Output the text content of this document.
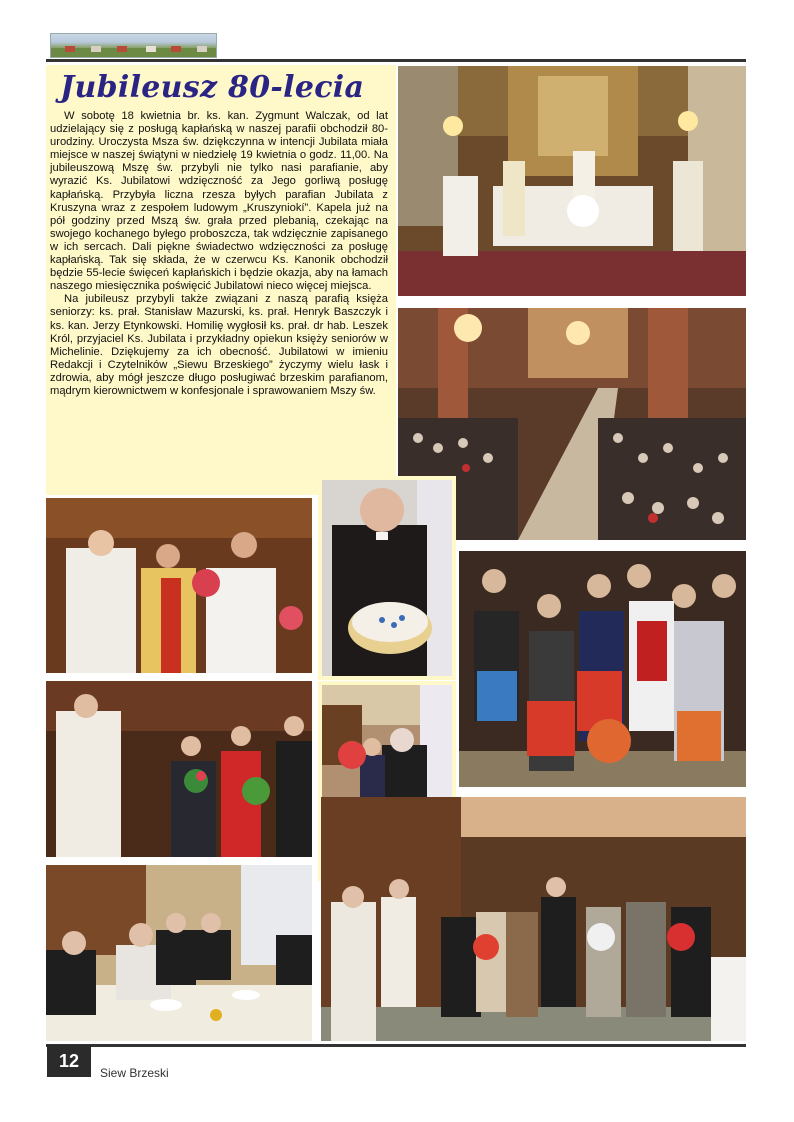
Jubileusz 80-lecia

W sobotę 18 kwietnia br. ks. kan. Zygmunt Walczak, od lat udzielający się z posługą kapłańską w naszej parafii obchodził 80-urodziny. Uroczysta Msza św. dziękczynna w intencji Jubilata miała miejsce w naszej świątyni w niedzielę 19 kwietnia o godz. 11,00. Na jubileuszową Mszę św. przybyli nie tylko nasi parafianie, aby wyrazić Ks. Jubilatowi wdzięczność za Jego gorliwą posługę kapłańską. Przybyła liczna rzesza byłych parafian Jubilata z Kruszyna wraz z zespołem ludowym „Kruszyniokí”. Kapela już na pół godziny przed Mszą św. grała przed plebanią, czekając na swojego kochanego byłego proboszcza, tak wdzięcznie zapisanego w ich sercach. Dali piękne świadectwo wdzięczności za posługę kapłańską. Tak się składa, że w czerwcu Ks. Kanonik obchodził będzie 55-lecie święceń kapłańskich i będzie okazja, aby na łamach naszego miesięcznika poświęcić Jubilatowi nieco więcej miejsca.

Na jubileusz przybyli także związani z naszą parafią księża seniorzy: ks. prał. Stanisław Mazurski, ks. prał. Henryk Baszczyk i ks. kan. Jerzy Etynkowski. Homilię wygłosił ks. prał. dr hab. Leszek Król, przyjaciel Ks. Jubilata i przykładny opiekun księży seniorów w Michelinie. Dziękujemy za ich obecność. Jubilatowi w imieniu Redakcji i Czytelników „Siewu Brzeskiego” życzymy wielu łask i zdrowia, aby mógł jeszcze długo posługiwać brzeskim parafianom, mądrym kierownictwem w konfesjonale i sprawowaniem Mszy św.

12
Siew Brzeski
